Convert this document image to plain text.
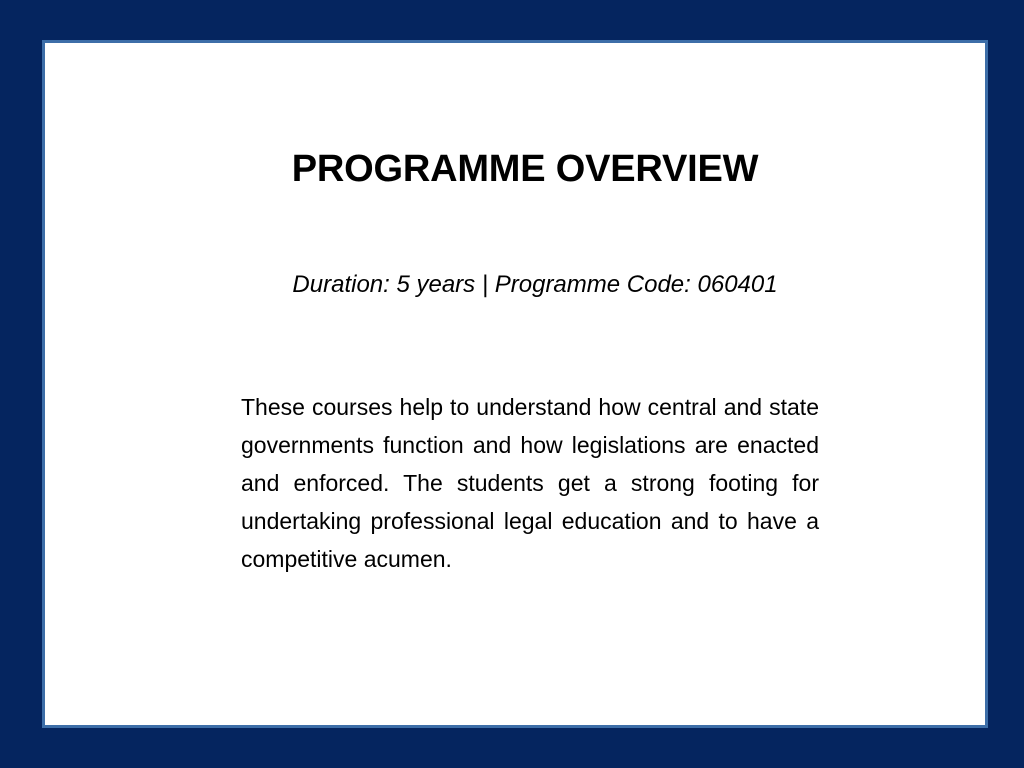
PROGRAMME OVERVIEW

Duration: 5 years | Programme Code: 060401

These courses help to understand how central and state governments function and how legislations are enacted and enforced. The students get a strong footing for undertaking professional legal education and to have a competitive acumen.
